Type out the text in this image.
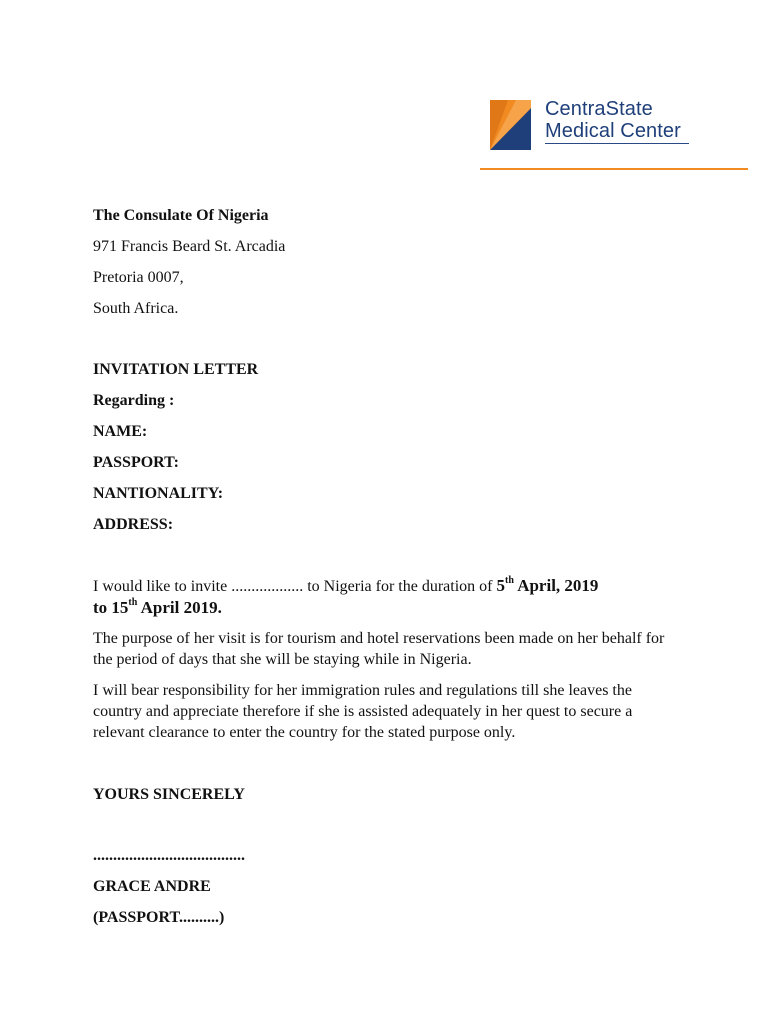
CentraState
Medical Center
The Consulate Of Nigeria
971 Francis Beard St. Arcadia
Pretoria 0007,
South Africa.
INVITATION LETTER
Regarding :
NAME:
PASSPORT:
NANTIONALITY:
ADDRESS:
I would like to invite .................. to Nigeria for the duration of 5th April, 2019
to 15th April 2019.
The purpose of her visit is for tourism and hotel reservations been made on her behalf for the period of days that she will be staying while in Nigeria.
I will bear responsibility for her immigration rules and regulations till she leaves the country and appreciate therefore if she is assisted adequately in her quest to secure a relevant clearance to enter the country for the stated purpose only.
YOURS SINCERELY
......................................
GRACE ANDRE
(PASSPORT..........)
